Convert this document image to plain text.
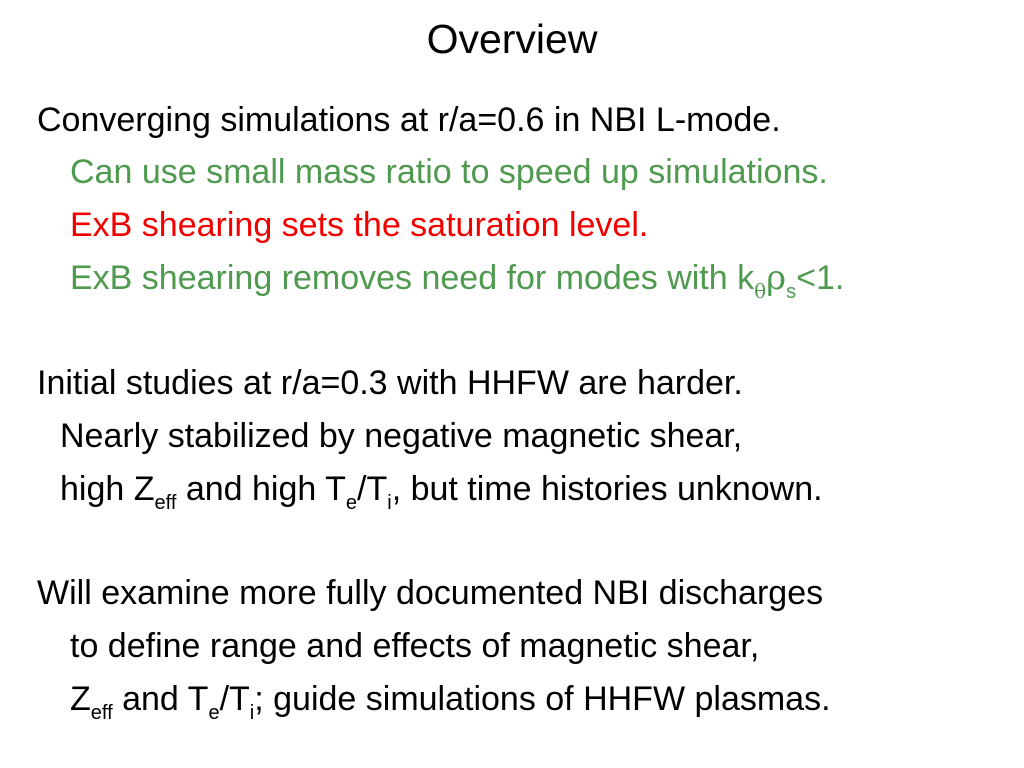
Overview
Converging simulations at r/a=0.6 in NBI L-mode.
Can use small mass ratio to speed up simulations.
ExB shearing sets the saturation level.
ExB shearing removes need for modes with $k_\theta\rho_s<1$.
Initial studies at r/a=0.3 with HHFW are harder.
Nearly stabilized by negative magnetic shear,
high $Z_{eff}$ and high $T_e/T_i$, but time histories unknown.
Will examine more fully documented NBI discharges
to define range and effects of magnetic shear,
$Z_{eff}$ and $T_e/T_i$; guide simulations of HHFW plasmas.
